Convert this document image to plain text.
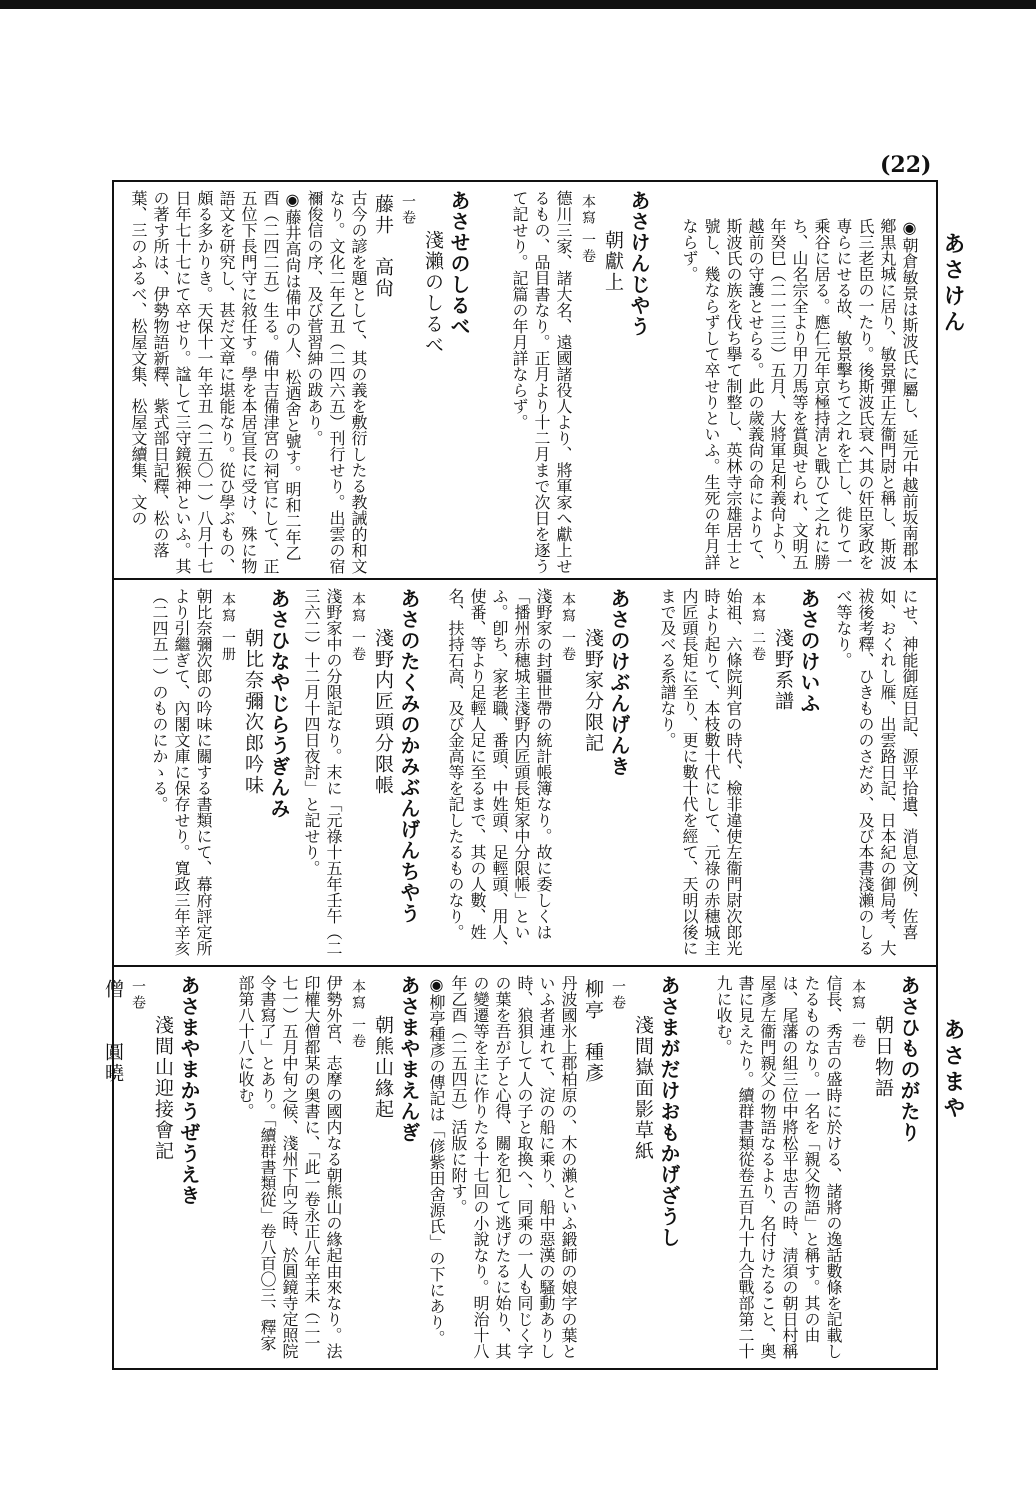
(22)
あさけん
あさまや
◉朝倉敏景は斯波氏に屬し、延元中越前坂南郡本鄕黒丸城に居り、敏景彈正左衞門尉と稱し、斯波氏三老臣の一たり。後斯波氏衰へ其の奸臣家政を専らにせる故、敏景擊ちて之れを亡し、徙りて一乘谷に居る。應仁元年京極持淸と戰ひて之れに勝ち、山名宗全より甲刀馬等を賞與せられ、文明五年癸巳（二一三三）五月、大將軍足利義尙より、越前の守護とせらる。此の歲義尙の命によりて、斯波氏の族を伐ち擧て制整し、英林寺宗雄居士と號し、幾ならずして卒せりといふ。生死の年月詳ならず。
あさけんじやう
朝獻上
本寫 一卷
德川三家、諸大名、遠國諸役人より、將軍家へ獻上せるもの、品目書なり。正月より十二月まで次日を逐うて記せり。記篇の年月詳ならず。
あさせのしるべ
淺瀨のしるべ
一卷
藤井　高尙
古今の諺を題として、其の義を敷衍したる教誡的和文なり。文化二年乙丑（二四六五）刊行せり。出雲の宿禰俊信の序、及び菅習紳の跋あり。
◉藤井高尙は備中の人、松迺舍と號す。明和二年乙酉（二四二五）生る。備中吉備津宮の祠官にして、正五位下長門守に敘任す。學を本居宣長に受け、殊に物語文を研究し、甚だ文章に堪能なり。從ひ學ぶもの、頗る多かりき。天保十一年辛丑（二五〇一）八月十七日年七十七にて卒せり。諡して三守鏡猴神といふ。其の著す所は、伊勢物語新釋、紫式部日記釋、松の落葉、三のふるべ、松屋文集、松屋文續集、文の
にせ、神能御庭日記、源平拾遺、消息文例、佐喜如、おくれし雁、出雲路日記、日本紀の御局考、大祓後考釋、ひきもののさだめ、及び本書淺瀨のしるべ等なり。
あさのけいふ
淺野系譜
本寫 二卷
始祖、六條院判官の時代、檢非違使左衞門尉次郎光時より起りて、本枝數十代にして、元祿の赤穗城主内匠頭長矩に至り、更に數十代を經て、天明以後にまで及べる系譜なり。
あさのけぶんげんき
淺野家分限記
本寫 一卷
淺野家の封疆世帶の統計帳簿なり。故に委しくは「播州赤穗城主淺野内匠頭長矩家中分限帳」といふ。卽ち、家老職、番頭、中姓頭、足輕頭、用人、使番、等より足輕人足に至るまで、其の人數、姓名、扶持石高、及び金高等を記したるものなり。
あさのたくみのかみぶんげんちやう
淺野内匠頭分限帳
本寫 一卷
淺野家中の分限記なり。末に「元祿十五年壬午（二三六二）十二月十四日夜討」と記せり。
あさひなやじらうぎんみ
朝比奈彌次郎吟味
本寫 一册
朝比奈彌次郎の吟味に關する書類にて、幕府評定所より引繼ぎて、內閣文庫に保存せり。寬政三年辛亥（二四五一）のものにかゝる。
あさひものがたり
朝日物語
本寫 一卷
信長、秀吉の盛時に於ける、諸將の逸話數條を記載したるものなり。一名を「親父物語」と稱す。其の由は、尾藩の組三位中將松平忠吉の時、淸須の朝日村稱屋彥左衞門親父の物語なるより、名付けたること、奥書に見えたり。續群書類從卷五百九十九合戰部第二十九に收む。
あさまがだけおもかげざうし
淺間嶽面影草紙
一卷
柳亭　種彥
丹波國氷上郡柏原の、木の瀨といふ鍛師の娘字の葉といふ者連れて、淀の船に乘り、船中惡漢の騷動ありし時、狼狽して人の子と取換へ、同乘の一人も同じく字の葉を吾が子と心得、關を犯して逃げたるに始り、其の變遷等を主に作りたる十七回の小說なり。明治十八年乙酉（二五四五）活版に附す。
◉柳亭種彥の傳記は「偐紫田舍源氏」の下にあり。
あさまやまえんぎ
朝熊山緣起
本寫 一卷
伊勢外宮、志摩の國内なる朝熊山の緣起由來なり。法印權大僧都某の奥書に、「此一卷永正八年辛未（二一七一）五月中旬之候、淺州下向之時、於圓鏡寺定照院令書寫了」とあり。「續群書類從」卷八百〇三、釋家部第八十八に收む。
あさまやまかうぜうえき
淺間山迎接會記
一卷
僧　　圓曉
